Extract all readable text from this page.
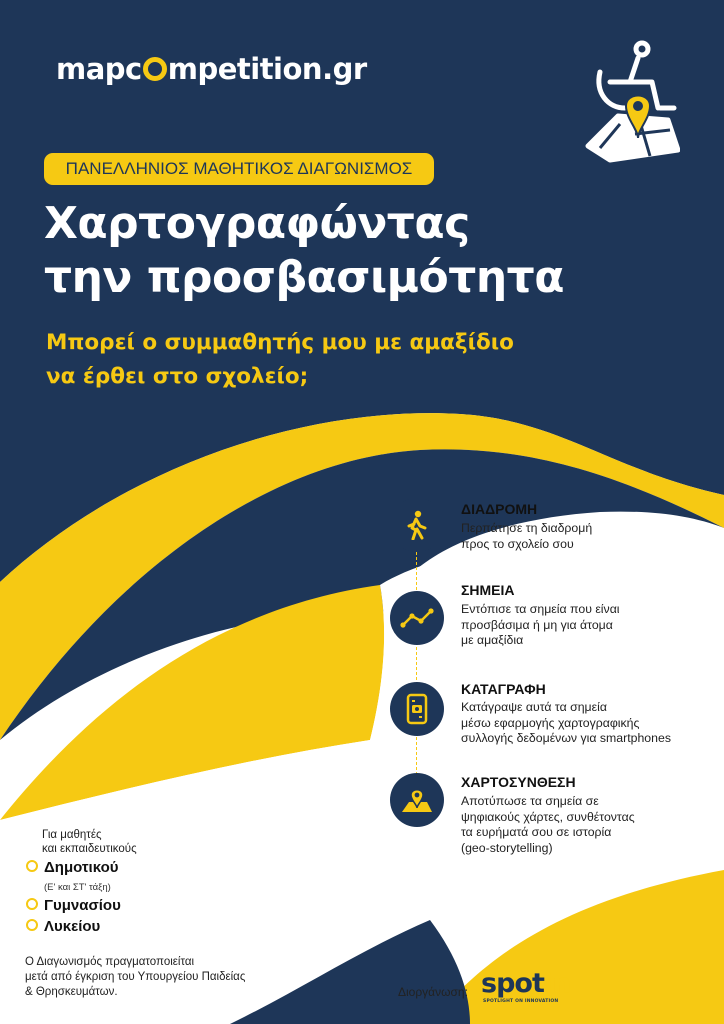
mapc mpetition.gr
ΠΑΝΕΛΛΗΝΙΟΣ ΜΑΘΗΤΙΚΟΣ ΔΙΑΓΩΝΙΣΜΟΣ
Χαρτογραφώντας
την προσβασιμότητα
Μπορεί ο συμμαθητής μου με αμαξίδιο
να έρθει στο σχολείο;
ΔΙΑΔΡΟΜΗ
Περπάτησε τη διαδρομή
προς το σχολείο σου
ΣΗΜΕΙΑ
Εντόπισε τα σημεία που είναι
προσβάσιμα ή μη για άτομα
με αμαξίδια
ΚΑΤΑΓΡΑΦΗ
Κατάγραψε αυτά τα σημεία
μέσω εφαρμογής χαρτογραφικής
συλλογής δεδομένων για smartphones
ΧΑΡΤΟΣΥΝΘΕΣΗ
Αποτύπωσε τα σημεία σε
ψηφιακούς χάρτες, συνθέτοντας
τα ευρήματά σου σε ιστορία
(geo-storytelling)
Για μαθητές
και εκπαιδευτικούς
Δημοτικού
(Ε' και ΣΤ' τάξη)
Γυμνασίου
Λυκείου
Ο Διαγωνισμός πραγματοποιείται
μετά από έγκριση του Υπουργείου Παιδείας
& Θρησκευμάτων.	Διοργάνωση: spotin
SPOTLIGHT ON INNOVATION
